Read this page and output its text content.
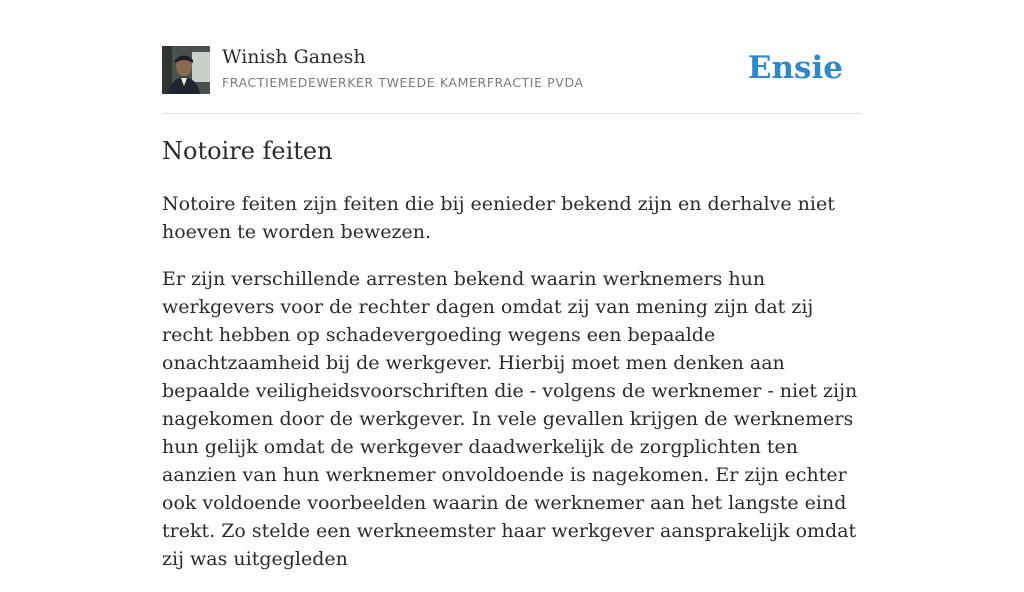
Winish Ganesh
FRACTIEMEDEWERKER TWEEDE KAMERFRACTIE PVDA	Ensie
Notoire feiten

Notoire feiten zijn feiten die bij eenieder bekend zijn en derhalve niet hoeven te worden bewezen.

Er zijn verschillende arresten bekend waarin werknemers hun werkgevers voor de rechter dagen omdat zij van mening zijn dat zij recht hebben op schadevergoeding wegens een bepaalde onachtzaamheid bij de werkgever. Hierbij moet men denken aan bepaalde veiligheidsvoorschriften die - volgens de werknemer - niet zijn nagekomen door de werkgever. In vele gevallen krijgen de werknemers hun gelijk omdat de werkgever daadwerkelijk de zorgplichten ten aanzien van hun werknemer onvoldoende is nagekomen. Er zijn echter ook voldoende voorbeelden waarin de werknemer aan het langste eind trekt. Zo stelde een werkneemster haar werkgever aansprakelijk omdat zij was uitgegleden
